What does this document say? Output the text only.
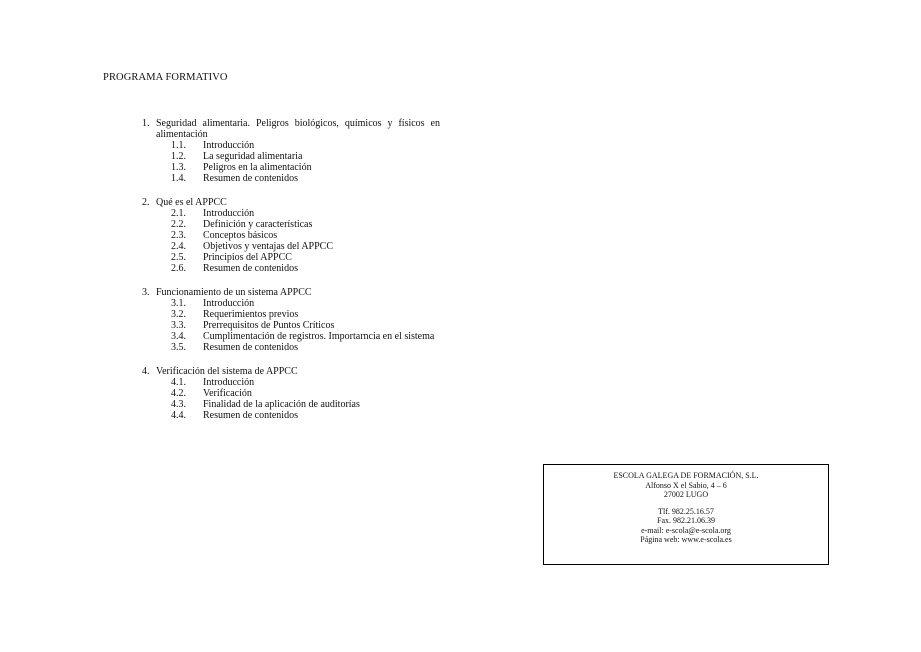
PROGRAMA FORMATIVO
1. Seguridad alimentaria. Peligros biológicos, químicos y físicos en alimentación
1.1.	Introducción
1.2.	La seguridad alimentaria
1.3.	Peligros en la alimentación
1.4.	Resumen de contenidos
2. Qué es el APPCC
2.1.	Introducción
2.2.	Definición y características
2.3.	Conceptos básicos
2.4.	Objetivos y ventajas del APPCC
2.5.	Principios del APPCC
2.6.	Resumen de contenidos
3. Funcionamiento de un sistema APPCC
3.1.	Introducción
3.2.	Requerimientos previos
3.3.	Prerrequisitos de Puntos Críticos
3.4.	Cumplimentación de registros. Importarncia en el sistema
3.5.	Resumen de contenidos
4. Verificación del sistema de APPCC
4.1.	Introducción
4.2.	Verificación
4.3.	Finalidad de la aplicación de auditorías
4.4.	Resumen de contenidos
ESCOLA GALEGA DE FORMACIÓN, S.L.
Alfonso X el Sabio, 4 – 6
27002 LUGO
Tlf. 982.25.16.57
Fax. 982.21.06.39
e-mail: e-scola@e-scola.org
Página web: www.e-scola.es
